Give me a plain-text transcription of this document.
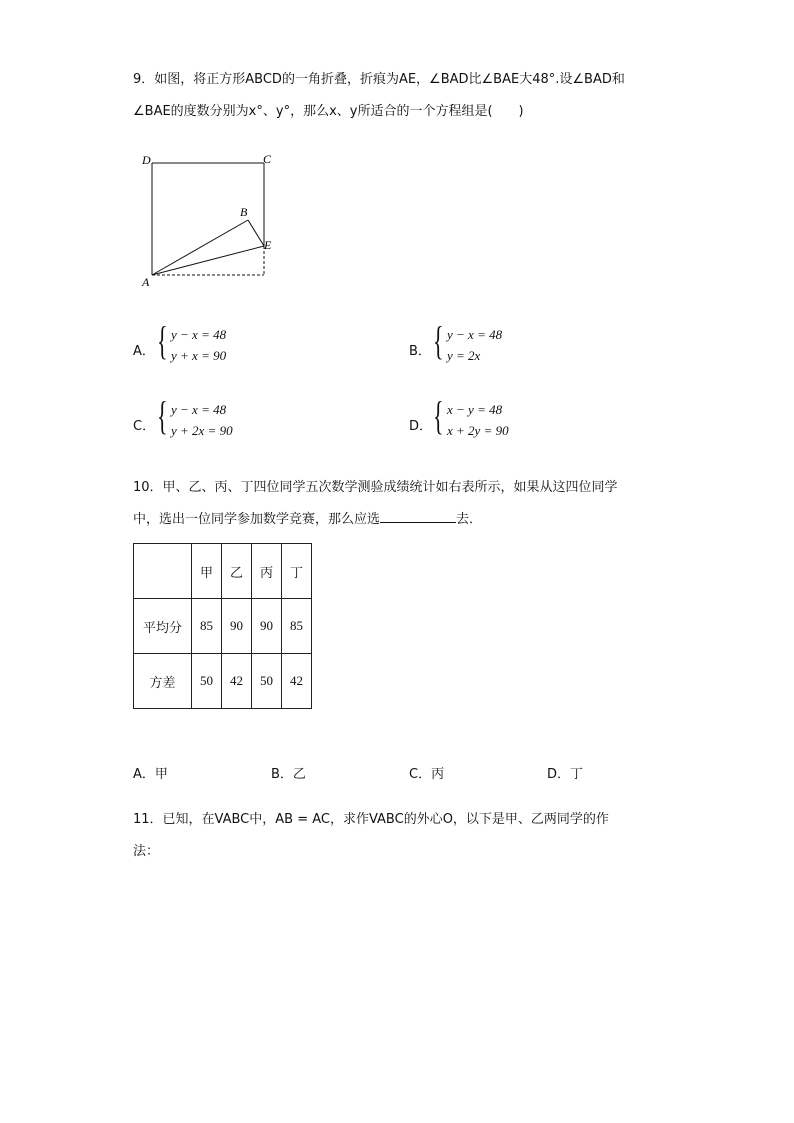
9．如图，将正方形ABCD的一角折叠，折痕为AE，∠BAD比∠BAE大48°.设∠BAD和
∠BAE的度数分别为x°、y°，那么x、y所适合的一个方程组是(　　)
D	C
B
E
A
A． { y − x = 48
y + x = 90	B． { y − x = 48
y = 2x
C． { y − x = 48
y + 2x = 90	D． { x − y = 48
x + 2y = 90
10．甲、乙、丙、丁四位同学五次数学测验成绩统计如右表所示，如果从这四位同学
中，选出一位同学参加数学竞赛，那么应选	去．
	甲	乙	丙	丁
平均分	85	90	90	85
方差	50	42	50	42
A．甲	B．乙	C．丙	D．丁
11．已知，在VABC中，AB = AC，求作VABC的外心O，以下是甲、乙两同学的作
法：
